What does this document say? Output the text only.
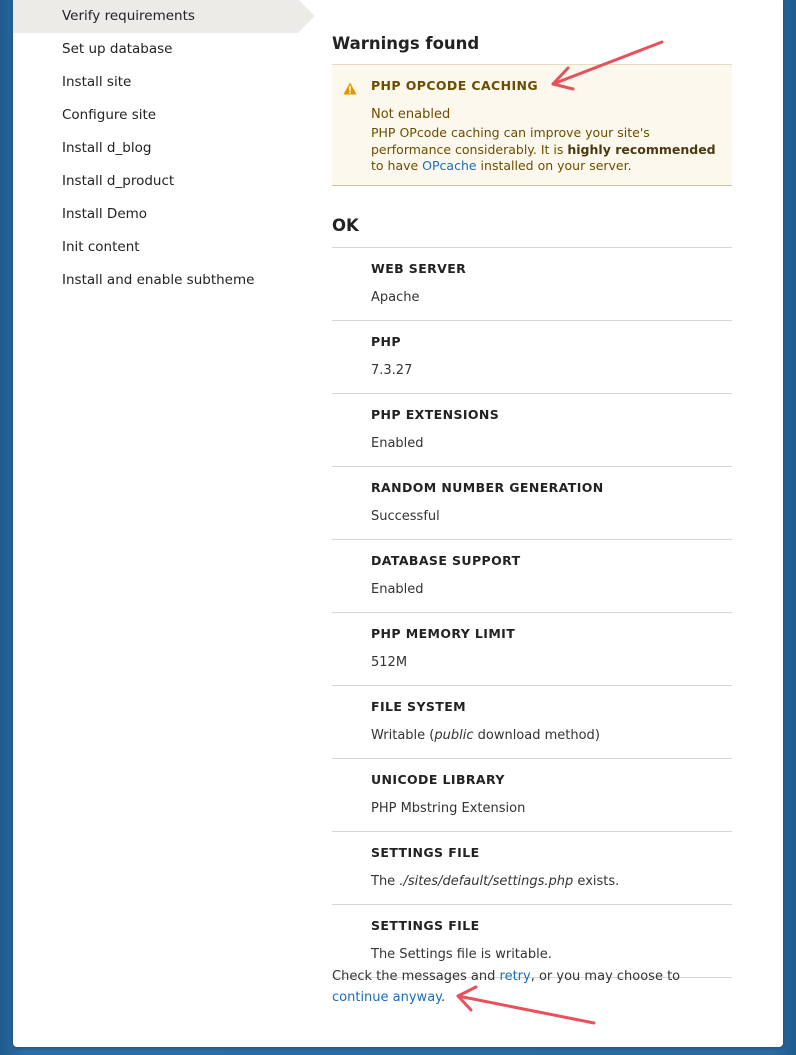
Verify requirements
Set up database
Install site
Configure site
Install d_blog
Install d_product
Install Demo
Init content
Install and enable subtheme
Warnings found
PHP OPCODE CACHING
Not enabled
PHP OPcode caching can improve your site's performance considerably. It is highly recommended to have OPcache installed on your server.
OK
WEB SERVER
Apache
PHP
7.3.27
PHP EXTENSIONS
Enabled
RANDOM NUMBER GENERATION
Successful
DATABASE SUPPORT
Enabled
PHP MEMORY LIMIT
512M
FILE SYSTEM
Writable (public download method)
UNICODE LIBRARY
PHP Mbstring Extension
SETTINGS FILE
The ./sites/default/settings.php exists.
SETTINGS FILE
The Settings file is writable.
Check the messages and retry, or you may choose to continue anyway.
